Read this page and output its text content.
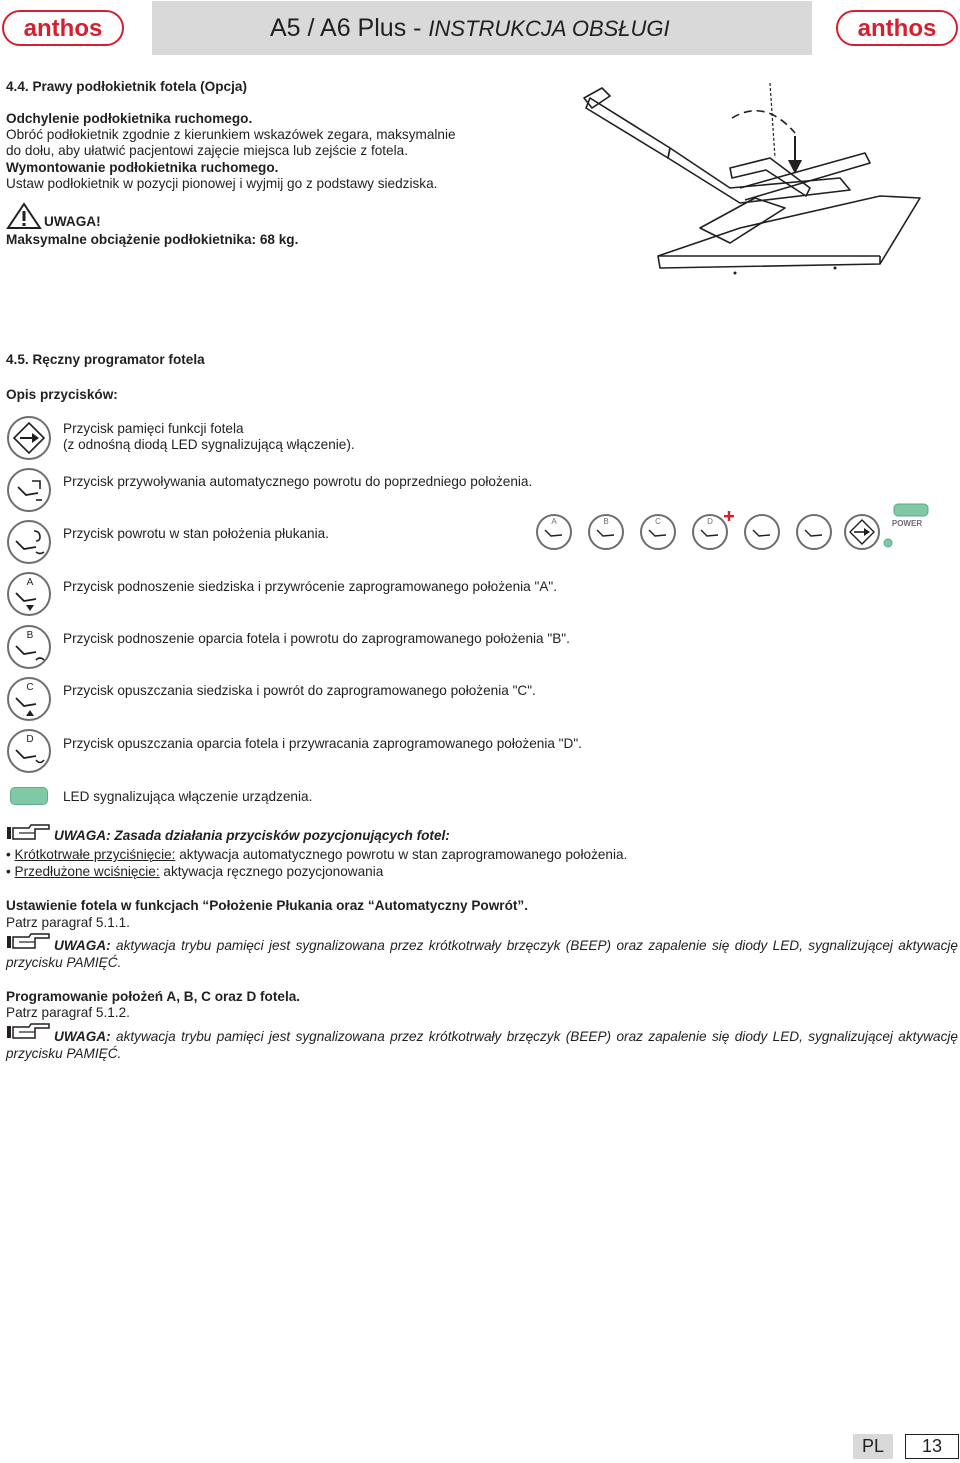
anthos	A5 / A6 Plus - INSTRUKCJA OBSŁUGI	anthos
4.4. Prawy podłokietnik fotela (Opcja)
Odchylenie podłokietnika ruchomego.
Obróć podłokietnik zgodnie z kierunkiem wskazówek zegara, maksymalnie
do dołu, aby ułatwić pacjentowi zajęcie miejsca lub zejście z fotela.
Wymontowanie podłokietnika ruchomego.
Ustaw podłokietnik w pozycji pionowej i wyjmij go z podstawy siedziska.
UWAGA!
Maksymalne obciążenie podłokietnika: 68 kg.
4.5. Ręczny programator fotela
Opis przycisków:
Przycisk pamięci funkcji fotela
(z odnośną diodą LED sygnalizującą włączenie).
Przycisk przywoływania automatycznego powrotu do poprzedniego położenia.
Przycisk powrotu w stan położenia płukania.
A Przycisk podnoszenie siedziska i przywrócenie zaprogramowanego położenia "A".
B Przycisk podnoszenie oparcia fotela i powrotu do zaprogramowanego położenia "B".
C Przycisk opuszczania siedziska i powrót do zaprogramowanego położenia "C".
D Przycisk opuszczania oparcia fotela i przywracania zaprogramowanego położenia "D".
LED sygnalizująca włączenie urządzenia.
A	B	C	D	POWER
UWAGA: Zasada działania przycisków pozycjonujących fotel:
• Krótkotrwałe przyciśnięcie: aktywacja automatycznego powrotu w stan zaprogramowanego położenia.
• Przedłużone wciśnięcie: aktywacja ręcznego pozycjonowania
Ustawienie fotela w funkcjach “Położenie Płukania oraz “Automatyczny Powrót”.
Patrz paragraf 5.1.1.
UWAGA: aktywacja trybu pamięci jest sygnalizowana przez krótkotrwały brzęczyk (BEEP) oraz zapalenie się diody LED, sygnalizującej aktywację przycisku PAMIĘĆ.
Programowanie położeń A, B, C oraz D fotela.
Patrz paragraf 5.1.2.
UWAGA: aktywacja trybu pamięci jest sygnalizowana przez krótkotrwały brzęczyk (BEEP) oraz zapalenie się diody LED, sygnalizującej aktywację przycisku PAMIĘĆ.
PL	13
